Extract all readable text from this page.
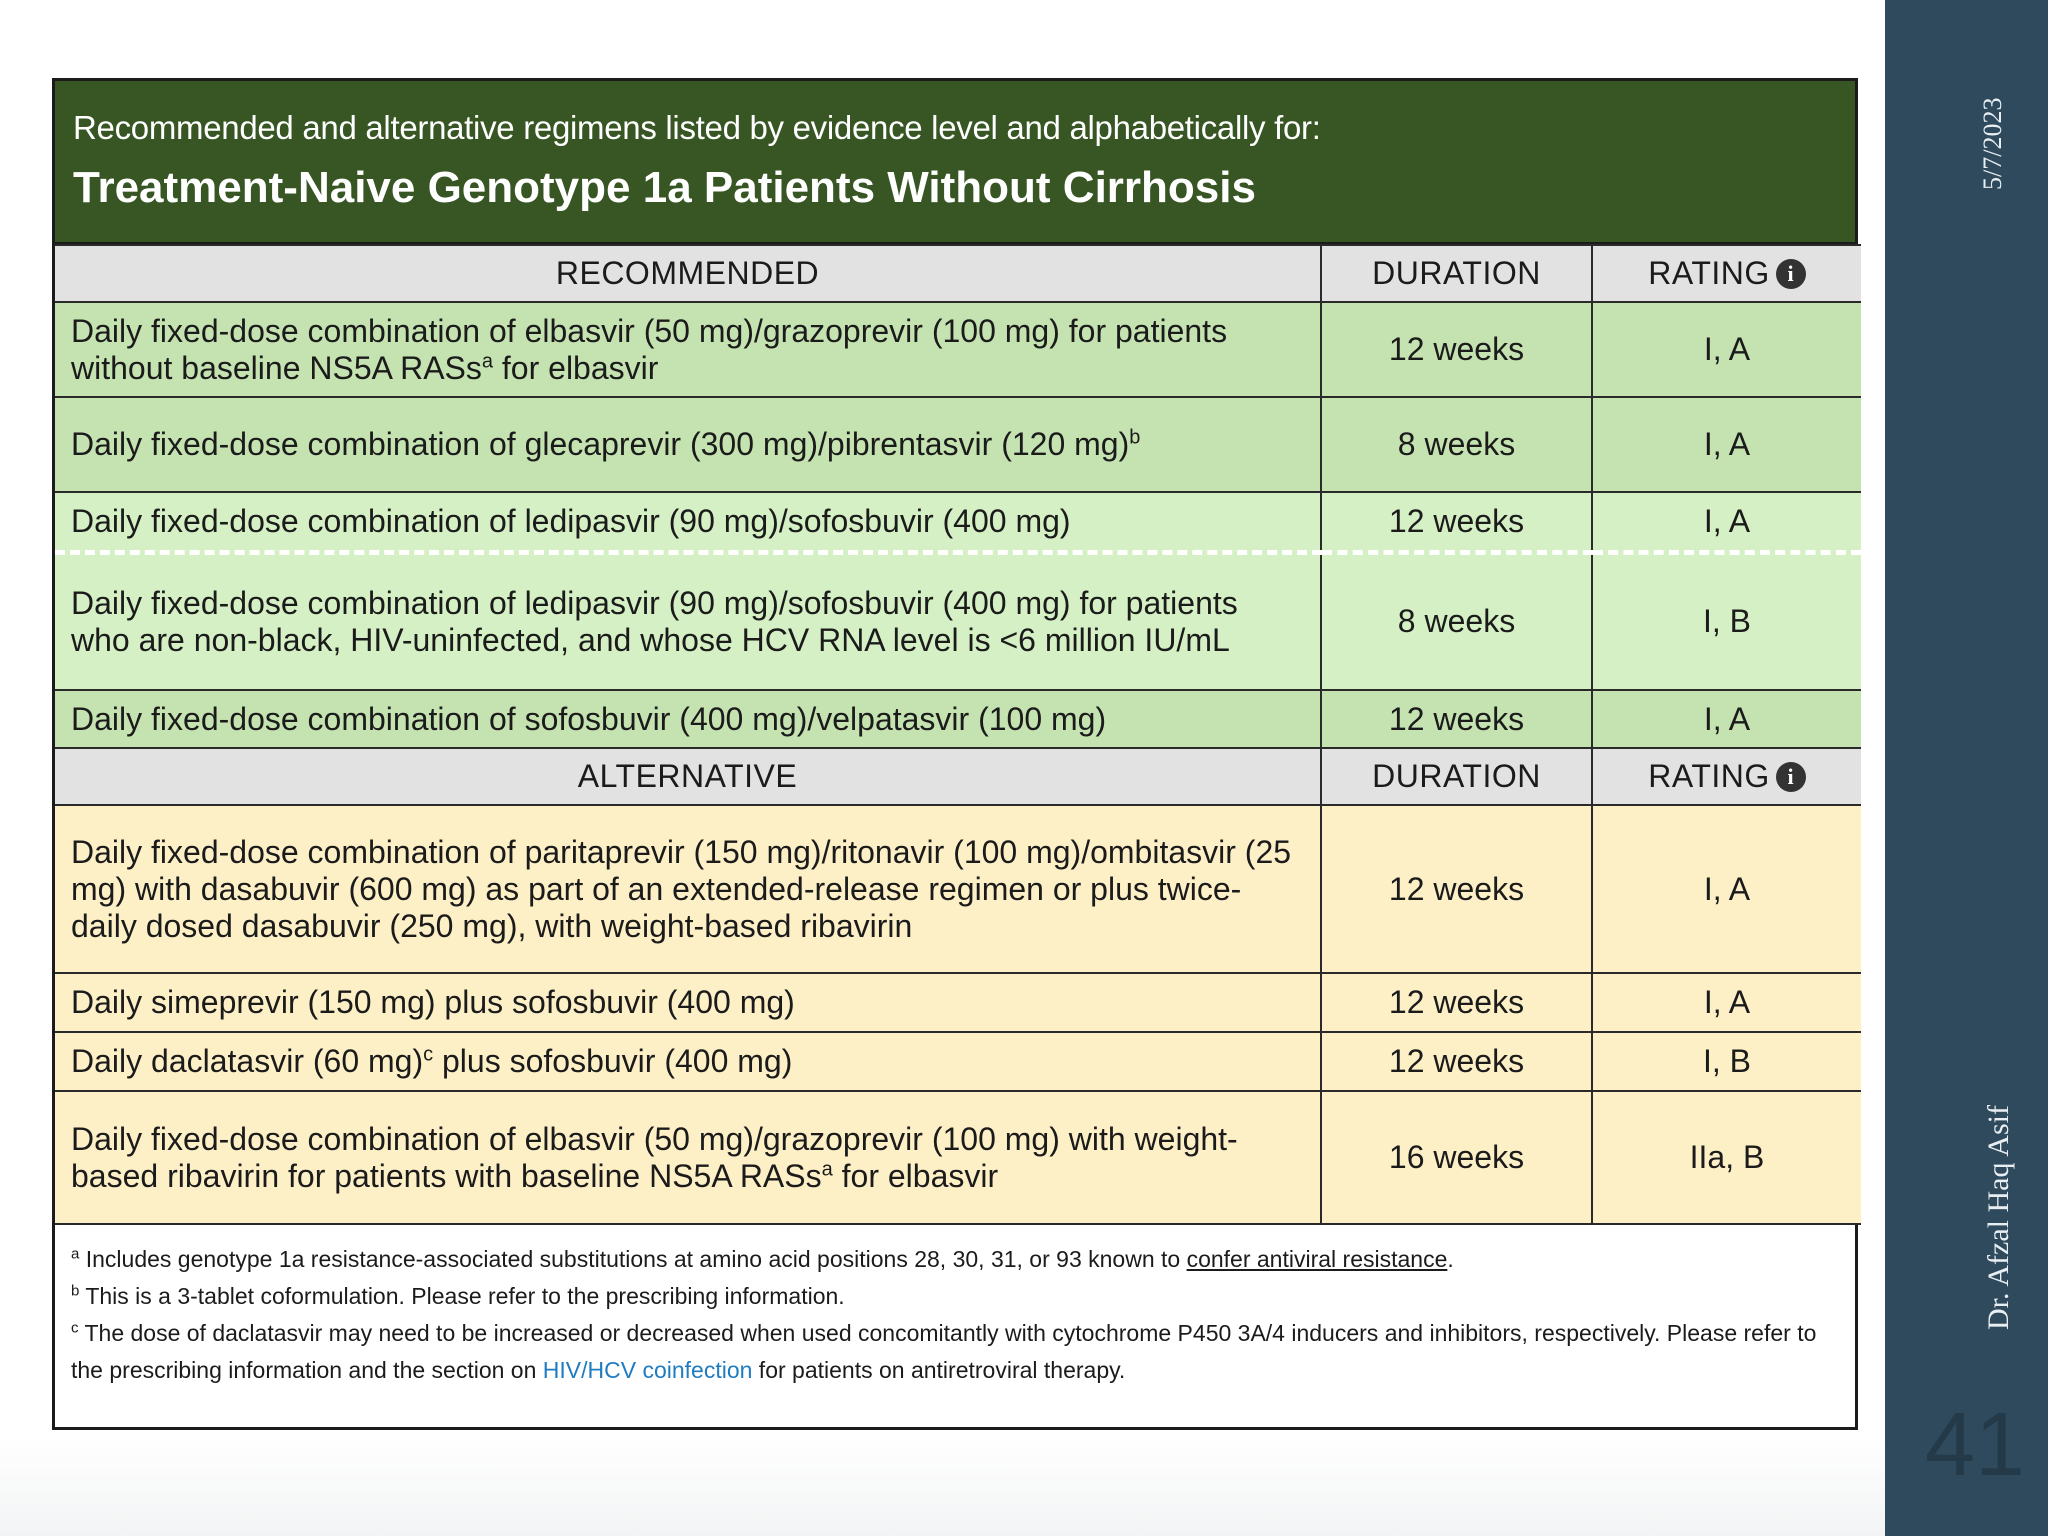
5/7/2023
Dr. Afzal Haq Asif
41
Recommended and alternative regimens listed by evidence level and alphabetically for:
Treatment-Naive Genotype 1a Patients Without Cirrhosis
RECOMMENDED	DURATION	RATING i
Daily fixed-dose combination of elbasvir (50 mg)/grazoprevir (100 mg) for patients without baseline NS5A RASs$^a$ for elbasvir	12 weeks	I, A
Daily fixed-dose combination of glecaprevir (300 mg)/pibrentasvir (120 mg)$^b$	8 weeks	I, A
Daily fixed-dose combination of ledipasvir (90 mg)/sofosbuvir (400 mg)	12 weeks	I, A
Daily fixed-dose combination of ledipasvir (90 mg)/sofosbuvir (400 mg) for patients who are non-black, HIV-uninfected, and whose HCV RNA level is <6 million IU/mL	8 weeks	I, B
Daily fixed-dose combination of sofosbuvir (400 mg)/velpatasvir (100 mg)	12 weeks	I, A
ALTERNATIVE	DURATION	RATING i
Daily fixed-dose combination of paritaprevir (150 mg)/ritonavir (100 mg)/ombitasvir (25 mg) with dasabuvir (600 mg) as part of an extended-release regimen or plus twice-daily dosed dasabuvir (250 mg), with weight-based ribavirin	12 weeks	I, A
Daily simeprevir (150 mg) plus sofosbuvir (400 mg)	12 weeks	I, A
Daily daclatasvir (60 mg)$^c$ plus sofosbuvir (400 mg)	12 weeks	I, B
Daily fixed-dose combination of elbasvir (50 mg)/grazoprevir (100 mg) with weight-based ribavirin for patients with baseline NS5A RASs$^a$ for elbasvir	16 weeks	IIa, B
$^a$ Includes genotype 1a resistance-associated substitutions at amino acid positions 28, 30, 31, or 93 known to confer antiviral resistance.
$^b$ This is a 3-tablet coformulation. Please refer to the prescribing information.
$^c$ The dose of daclatasvir may need to be increased or decreased when used concomitantly with cytochrome P450 3A/4 inducers and inhibitors, respectively. Please refer to the prescribing information and the section on HIV/HCV coinfection for patients on antiretroviral therapy.
